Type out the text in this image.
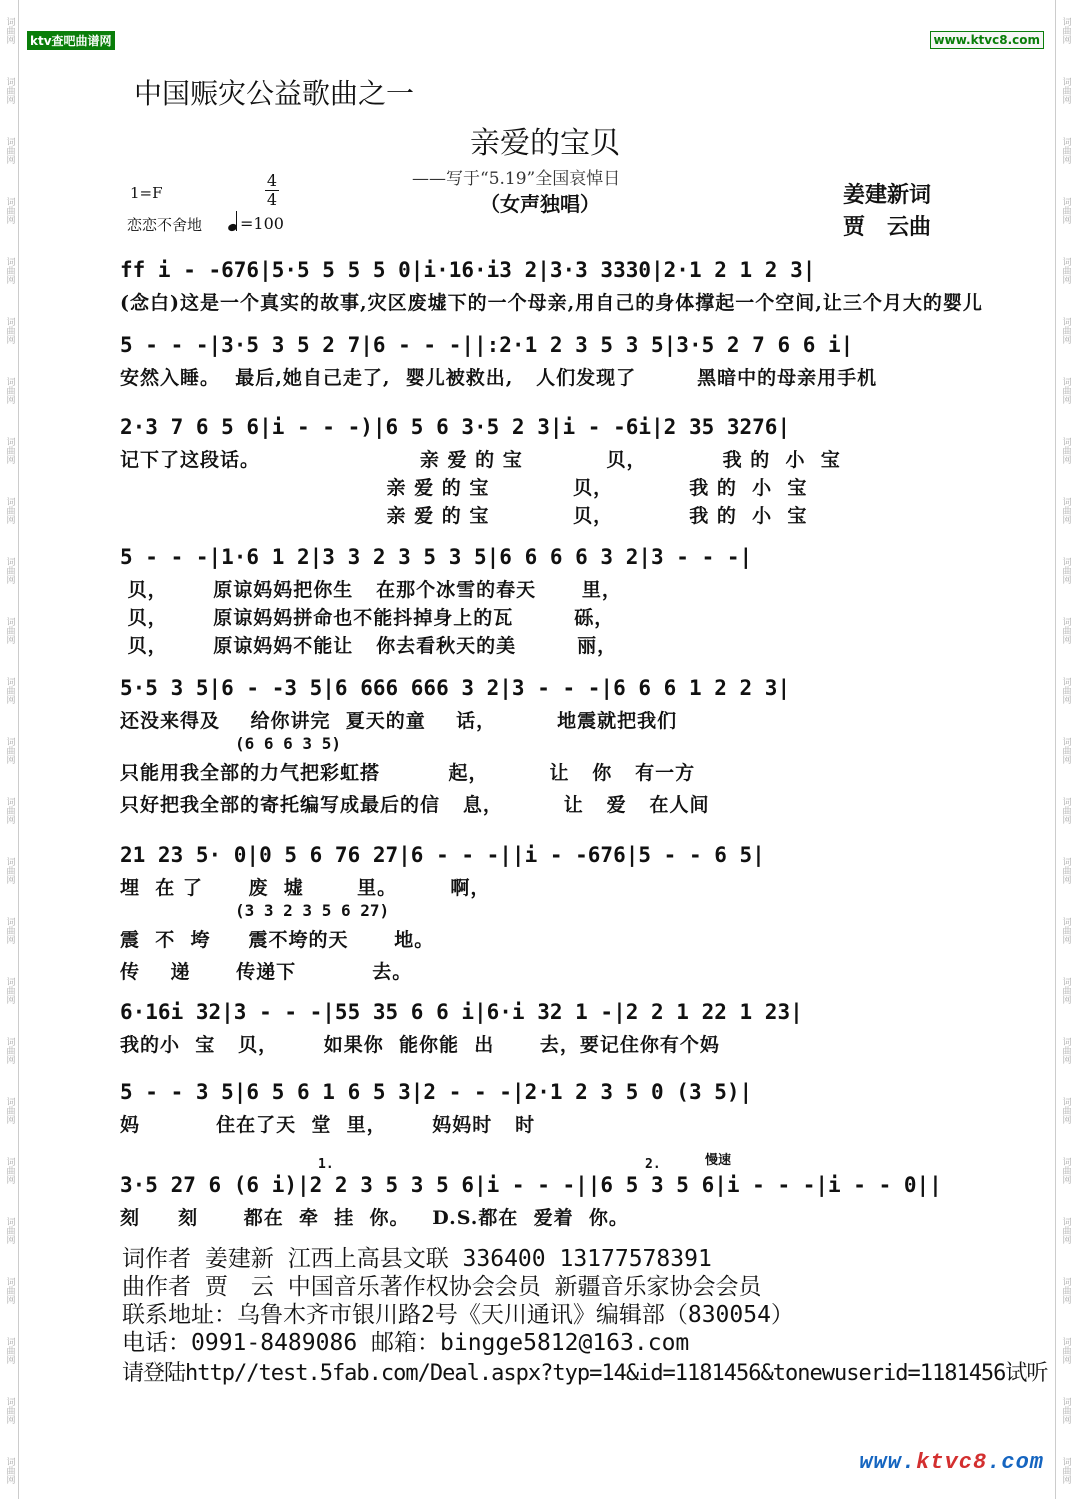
词曲网
词曲网
词曲网
词曲网
词曲网
词曲网
词曲网
词曲网
词曲网
词曲网
词曲网
词曲网
词曲网
词曲网
词曲网
词曲网
词曲网
词曲网
词曲网
词曲网
词曲网
词曲网
词曲网
词曲网
词曲网
词曲网
词曲网
词曲网
词曲网
词曲网
词曲网
词曲网
词曲网
词曲网
词曲网
词曲网
词曲网
词曲网
词曲网
词曲网
词曲网
词曲网
词曲网
词曲网
词曲网
词曲网
词曲网
词曲网
词曲网
词曲网
ktv查吧曲谱网	www.ktvc8.com
中国赈灾公益歌曲之一
亲爱的宝贝
——写于“5.19”全国哀悼日
（女声独唱）	姜建新词
贾　云曲
1=F
4
4
恋恋不舍地	=100
ff i - -676|5·5 5 5 5 0|i·16·i3 2|3·3 3330|2·1 2 1 2 3|
(念白)这是一个真实的故事,灾区废墟下的一个母亲,用自己的身体撑起一个空间,让三个月大的婴儿
5 - - -|3·5 3 5 2 7|6 - - -||:2·1 2 3 5 3 5|3·5 2 7 6 6 i|
安然入睡。  最后,她自己走了,  婴儿被救出,   人们发现了        黑暗中的母亲用手机
2·3 7 6 5 6|i - - -)|6 5 6 3·5 2 3|i - -6i|2 35 3276|
记下了这段话。                     亲 爱 的 宝           贝，          我 的  小  宝
亲 爱 的 宝           贝，          我 的  小  宝
亲 爱 的 宝           贝，          我 的  小  宝
5 - - -|1·6 1 2|3 3 2 3 5 3 5|6 6 6 6 3 2|3 - - -|
贝，      原谅妈妈把你生   在那个冰雪的春天      里，
贝，      原谅妈妈拼命也不能抖掉身上的瓦        砾，
贝，      原谅妈妈不能让   你去看秋天的美        丽，
5·5 3 5|6 - -3 5|6 666 666 3 2|3 - - -|6 6 6 1 2 2 3|
还没来得及    给你讲完  夏天的童    话，        地震就把我们
(6 6 6 3 5)
只能用我全部的力气把彩虹搭         起，        让   你   有一方
只好把我全部的寄托编写成最后的信   息，        让   爱   在人间
21 23 5· 0|0 5 6 76 27|6 - - -||i - -676|5 - - 6 5|
埋  在 了      废  墟       里。       啊，
(3 3 2 3 5 6 27)
震  不  垮     震不垮的天      地。
传    递      传递下          去。
6·16i 32|3 - - -|55 35 6 6 i|6·i 32 1 -|2 2 1 22 1 23|
我的小  宝   贝，      如果你  能你能  出      去，要记住你有个妈
5 - - 3 5|6 5 6 1 6 5 3|2 - - -|2·1 2 3 5 0 (3 5)|
妈          住在了天  堂  里，      妈妈时   时
3·5 27 6 (6 i)|2 2 3 5 3 5 6|i - - -||6 5 3 5 6|i - - -|i - - 0||
刻     刻      都在  牵  挂  你。   D.S.都在  爱着  你。
1.	2.	慢速
词作者 姜建新 江西上高县文联 336400 13177578391
曲作者 贾　云 中国音乐著作权协会会员 新疆音乐家协会会员
联系地址：乌鲁木齐市银川路2号《天川通讯》编辑部（830054）
电话：0991-8489086 邮箱：bingge5812@163.com
请登陆http//test.5fab.com/Deal.aspx?typ=14&id=1181456&tonewuserid=1181456试听
www.ktvc8.com
